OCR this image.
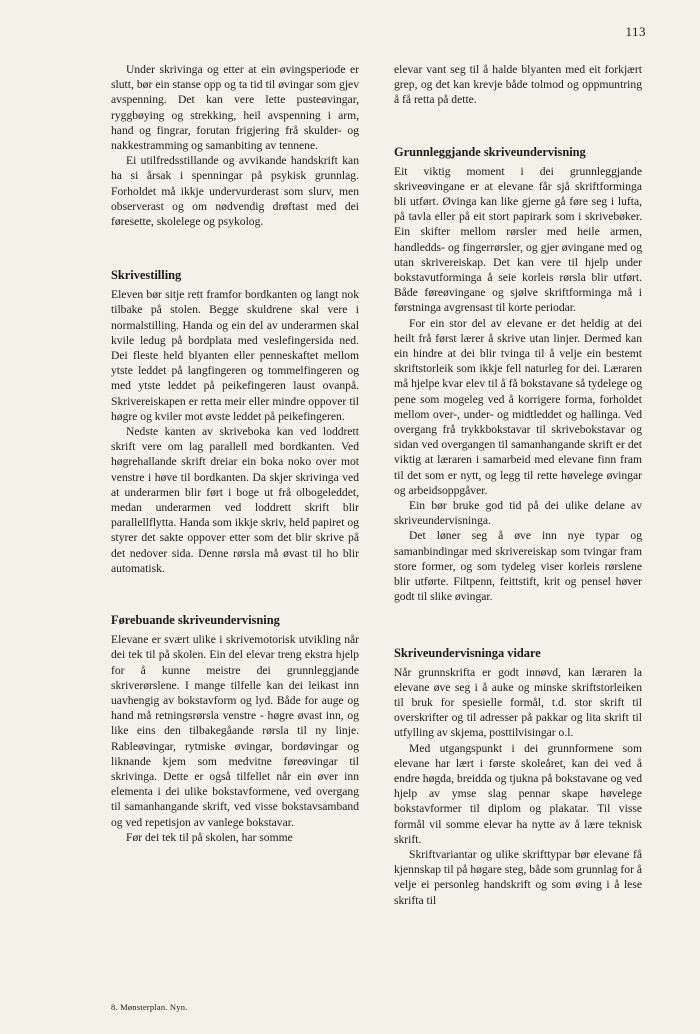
113

Under skrivinga og etter at ein øvingsperiode er slutt, bør ein stanse opp og ta tid til øvingar som gjev avspenning. Det kan vere lette pusteøvingar, ryggbøying og strekking, heil avspenning i arm, hand og fingrar, forutan frigjering frå skulder- og nakkestramming og samanbiting av tennene.

Ei utilfredsstillande og avvikande handskrift kan ha si årsak i spenningar på psykisk grunnlag. Forholdet må ikkje undervurderast som slurv, men observerast og om nødvendig drøftast med dei føresette, skolelege og psykolog.

Skrivestilling

Eleven bør sitje rett framfor bordkanten og langt nok tilbake på stolen. Begge skuldrene skal vere i normalstilling. Handa og ein del av underarmen skal kvile ledug på bordplata med veslefingersida ned. Dei fleste held blyanten eller penneskaftet mellom ytste leddet på langfingeren og tommelfingeren og med ytste leddet på peikefingeren laust ovanpå. Skrivereiskapen er retta meir eller mindre oppover til høgre og kviler mot øvste leddet på peikefingeren.

Nedste kanten av skriveboka kan ved loddrett skrift vere om lag parallell med bordkanten. Ved høgrehallande skrift dreiar ein boka noko over mot venstre i høve til bordkanten. Da skjer skrivinga ved at underarmen blir ført i boge ut frå olbogeleddet, medan underarmen ved loddrett skrift blir parallellflytta. Handa som ikkje skriv, held papiret og styrer det sakte oppover etter som det blir skrive på det nedover sida. Denne rørsla må øvast til ho blir automatisk.

Førebuande skriveundervisning

Elevane er svært ulike i skrivemotorisk utvikling når dei tek til på skolen. Ein del elevar treng ekstra hjelp for å kunne meistre dei grunnleggjande skriverørslene. I mange tilfelle kan dei leikast inn uavhengig av bokstavform og lyd. Både for auge og hand må retningsrørsla venstre - høgre øvast inn, og like eins den tilbakegåande rørsla til ny linje. Rableøvingar, rytmiske øvingar, bordøvingar og liknande kjem som medvitne føreøvingar til skrivinga. Dette er også tilfellet når ein øver inn elementa i dei ulike bokstavformene, ved overgang til samanhangande skrift, ved visse bokstavsamband og ved repetisjon av vanlege bokstavar.

Før dei tek til på skolen, har somme

elevar vant seg til å halde blyanten med eit forkjært grep, og det kan krevje både tolmod og oppmuntring å få retta på dette.

Grunnleggjande skriveundervisning

Eit viktig moment i dei grunnleggjande skriveøvingane er at elevane får sjå skriftforminga bli utført. Øvinga kan like gjerne gå føre seg i lufta, på tavla eller på eit stort papirark som i skrivebøker. Ein skifter mellom rørsler med heile armen, handledds- og fingerrørsler, og gjer øvingane med og utan skrivereiskap. Det kan vere til hjelp under bokstavutforminga å seie korleis rørsla blir utført. Både føreøvingane og sjølve skriftforminga må i førstninga avgrensast til korte periodar.

For ein stor del av elevane er det heldig at dei heilt frå først lærer å skrive utan linjer. Dermed kan ein hindre at dei blir tvinga til å velje ein bestemt skriftstorleik som ikkje fell naturleg for dei. Læraren må hjelpe kvar elev til å få bokstavane så tydelege og pene som mogeleg ved å korrigere forma, forholdet mellom over-, under- og midtleddet og hallinga. Ved overgang frå trykkbokstavar til skrivebokstavar og sidan ved overgangen til samanhangande skrift er det viktig at læraren i samarbeid med elevane finn fram til det som er nytt, og legg til rette høvelege øvingar og arbeidsoppgåver.

Ein bør bruke god tid på dei ulike delane av skriveundervisninga.

Det løner seg å øve inn nye typar og samanbindingar med skrivereiskap som tvingar fram store former, og som tydeleg viser korleis rørslene blir utførte. Filtpenn, feittstift, krit og pensel høver godt til slike øvingar.

Skriveundervisninga vidare

Når grunnskrifta er godt innøvd, kan læraren la elevane øve seg i å auke og minske skriftstorleiken til bruk for spesielle formål, t.d. stor skrift til overskrifter og til adresser på pakkar og lita skrift til utfylling av skjema, posttilvisingar o.l.

Med utgangspunkt i dei grunnformene som elevane har lært i første skoleåret, kan dei ved å endre høgda, breidda og tjukna på bokstavane og ved hjelp av ymse slag pennar skape høvelege bokstavformer til diplom og plakatar. Til visse formål vil somme elevar ha nytte av å lære teknisk skrift.

Skriftvariantar og ulike skrifttypar bør elevane få kjennskap til på høgare steg, både som grunnlag for å velje ei personleg handskrift og som øving i å lese skrifta til

8. Mønsterplan. Nyn.
